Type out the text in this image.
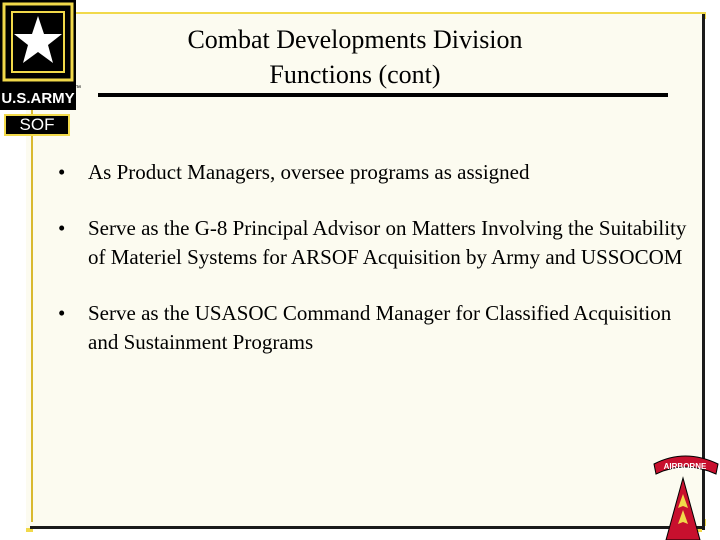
U.S.ARMY
™
SOF
Combat Developments Division
Functions (cont)
•	As Product Managers, oversee programs as assigned
•	Serve as the G-8 Principal Advisor on Matters Involving the Suitability of Materiel Systems for ARSOF Acquisition by Army and USSOCOM
•	Serve as the USASOC Command Manager for Classified Acquisition and Sustainment Programs
AIRBORNE
